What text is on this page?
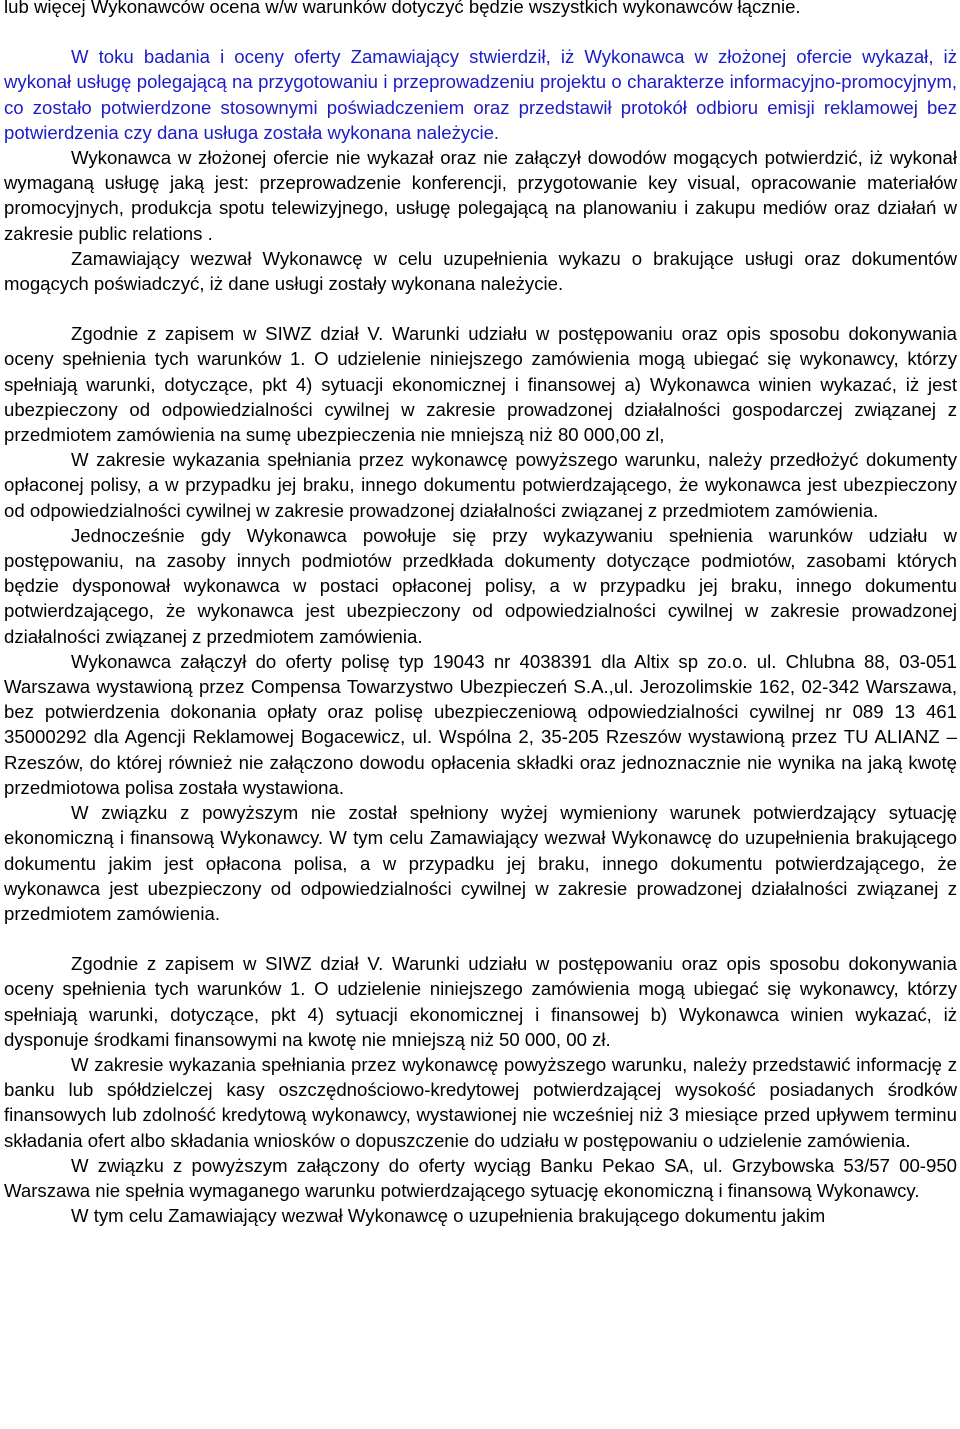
lub więcej Wykonawców ocena w/w warunków dotyczyć będzie wszystkich wykonawców łącznie.

W toku badania i oceny oferty Zamawiający stwierdził, iż Wykonawca w złożonej ofercie wykazał, iż wykonał usługę polegającą na przygotowaniu i przeprowadzeniu projektu o charakterze informacyjno-promocyjnym, co zostało potwierdzone stosownymi poświadczeniem oraz przedstawił protokół odbioru emisji reklamowej bez potwierdzenia czy dana usługa została wykonana należycie.

Wykonawca w złożonej ofercie nie wykazał oraz nie załączył dowodów mogących potwierdzić, iż wykonał wymaganą usługę jaką jest: przeprowadzenie konferencji, przygotowanie key visual, opracowanie materiałów promocyjnych, produkcja spotu telewizyjnego, usługę polegającą na planowaniu i zakupu mediów oraz działań w zakresie public relations .

Zamawiający wezwał Wykonawcę w celu uzupełnienia wykazu o brakujące usługi oraz dokumentów mogących poświadczyć, iż dane usługi zostały wykonana należycie.

Zgodnie z zapisem w SIWZ dział V. Warunki udziału w postępowaniu oraz opis sposobu dokonywania oceny spełnienia tych warunków 1. O udzielenie niniejszego zamówienia mogą ubiegać się wykonawcy, którzy spełniają warunki, dotyczące, pkt 4) sytuacji ekonomicznej i finansowej a) Wykonawca winien wykazać, iż jest ubezpieczony od odpowiedzialności cywilnej w zakresie prowadzonej działalności gospodarczej związanej z przedmiotem zamówienia na sumę ubezpieczenia nie mniejszą niż 80 000,00 zl,

W zakresie wykazania spełniania przez wykonawcę powyższego warunku, należy przedłożyć dokumenty opłaconej polisy, a w przypadku jej braku, innego dokumentu potwierdzającego, że wykonawca jest ubezpieczony od odpowiedzialności cywilnej w zakresie prowadzonej działalności związanej z przedmiotem zamówienia.

Jednocześnie gdy Wykonawca powołuje się przy wykazywaniu spełnienia warunków udziału w postępowaniu, na zasoby innych podmiotów przedkłada dokumenty dotyczące podmiotów, zasobami których będzie dysponował wykonawca w postaci opłaconej polisy, a w przypadku jej braku, innego dokumentu potwierdzającego, że wykonawca jest ubezpieczony od odpowiedzialności cywilnej w zakresie prowadzonej działalności związanej z przedmiotem zamówienia.

Wykonawca załączył do oferty polisę typ 19043 nr 4038391 dla Altix sp zo.o. ul. Chlubna 88, 03-051 Warszawa wystawioną przez Compensa Towarzystwo Ubezpieczeń S.A.,ul. Jerozolimskie 162, 02-342 Warszawa, bez potwierdzenia dokonania opłaty oraz polisę ubezpieczeniową odpowiedzialności cywilnej nr 089 13 461 35000292 dla Agencji Reklamowej Bogacewicz, ul. Wspólna 2, 35-205 Rzeszów wystawioną przez TU ALIANZ – Rzeszów, do której również nie załączono dowodu opłacenia składki oraz jednoznacznie nie wynika na jaką kwotę przedmiotowa polisa została wystawiona.

W związku z powyższym nie został spełniony wyżej wymieniony warunek potwierdzający sytuację ekonomiczną i finansową Wykonawcy. W tym celu Zamawiający wezwał Wykonawcę do uzupełnienia brakującego dokumentu jakim jest opłacona polisa, a w przypadku jej braku, innego dokumentu potwierdzającego, że wykonawca jest ubezpieczony od odpowiedzialności cywilnej w zakresie prowadzonej działalności związanej z przedmiotem zamówienia.

Zgodnie z zapisem w SIWZ dział V. Warunki udziału w postępowaniu oraz opis sposobu dokonywania oceny spełnienia tych warunków 1. O udzielenie niniejszego zamówienia mogą ubiegać się wykonawcy, którzy spełniają warunki, dotyczące, pkt 4) sytuacji ekonomicznej i finansowej b) Wykonawca winien wykazać, iż dysponuje środkami finansowymi na kwotę nie mniejszą niż 50 000, 00 zł.

W zakresie wykazania spełniania przez wykonawcę powyższego warunku, należy przedstawić informację z banku lub spółdzielczej kasy oszczędnościowo-kredytowej potwierdzającej wysokość posiadanych środków finansowych lub zdolność kredytową wykonawcy, wystawionej nie wcześniej niż 3 miesiące przed upływem terminu składania ofert albo składania wniosków o dopuszczenie do udziału w postępowaniu o udzielenie zamówienia.

W związku z powyższym załączony do oferty wyciąg Banku Pekao SA, ul. Grzybowska 53/57 00-950 Warszawa nie spełnia wymaganego warunku potwierdzającego sytuację ekonomiczną i finansową Wykonawcy.

W tym celu Zamawiający wezwał Wykonawcę o uzupełnienia brakującego dokumentu jakim
